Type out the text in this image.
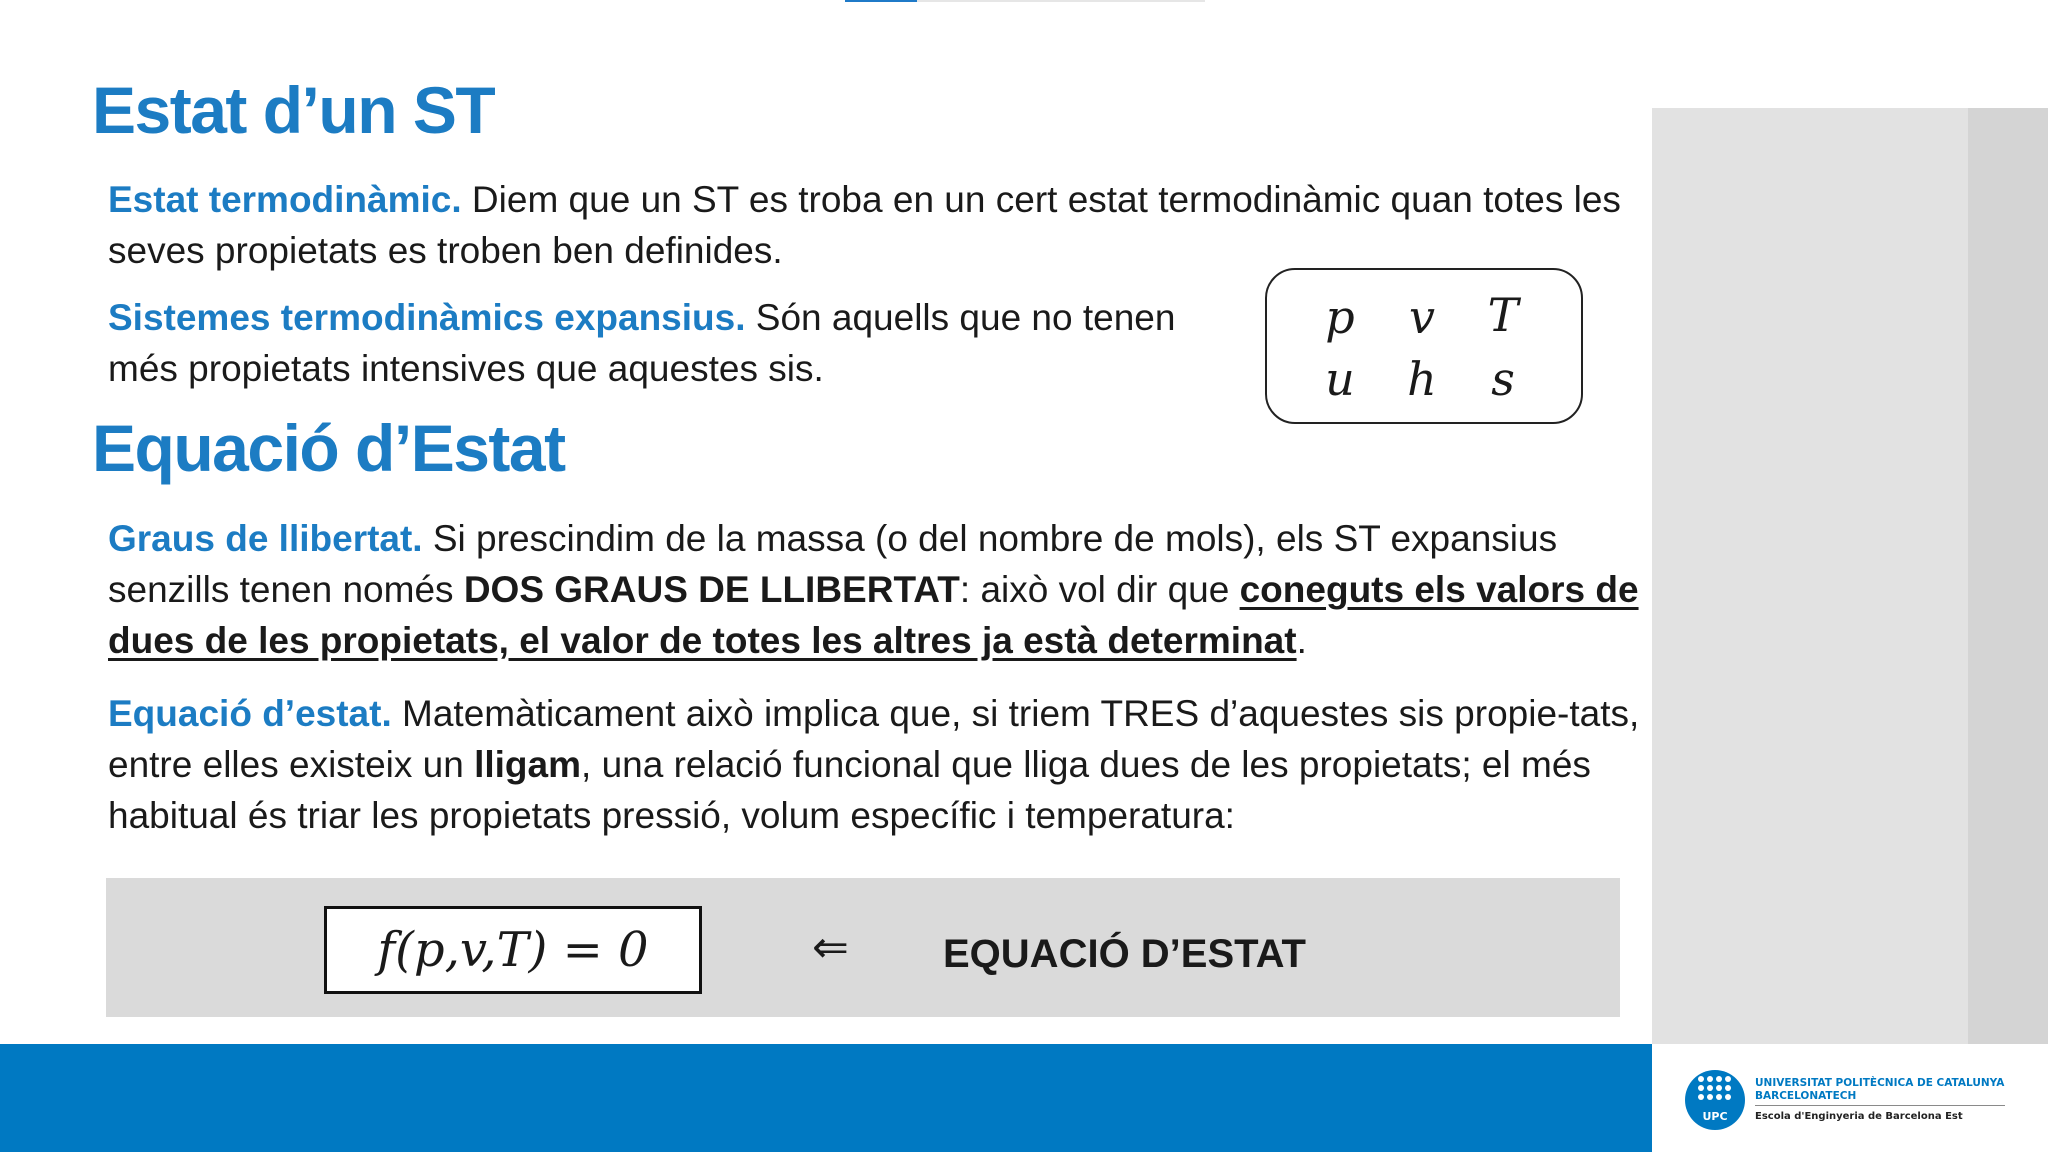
Estat d’un ST

Estat termodinàmic. Diem que un ST es troba en un cert estat termodinàmic quan totes les seves propietats es troben ben definides.

Sistemes termodinàmics expansius. Són aquells que no tenen més propietats intensives que aquestes sis.

p	v	T
u	h	s
Equació d’Estat

Graus de llibertat. Si prescindim de la massa (o del nombre de mols), els ST expansius senzills tenen només DOS GRAUS DE LLIBERTAT: això vol dir que coneguts els valors de dues de les propietats, el valor de totes les altres ja està determinat.

Equació d’estat. Matemàticament això implica que, si triem TRES d’aquestes sis propie-tats, entre elles existeix un lligam, una relació funcional que lliga dues de les propietats; el més habitual és triar les propietats pressió, volum específic i temperatura:

f(p,v,T) = 0	⇐ EQUACIÓ D’ESTAT
UPC
UNIVERSITAT POLITÈCNICA DE CATALUNYA
BARCELONATECH
Escola d'Enginyeria de Barcelona Est
